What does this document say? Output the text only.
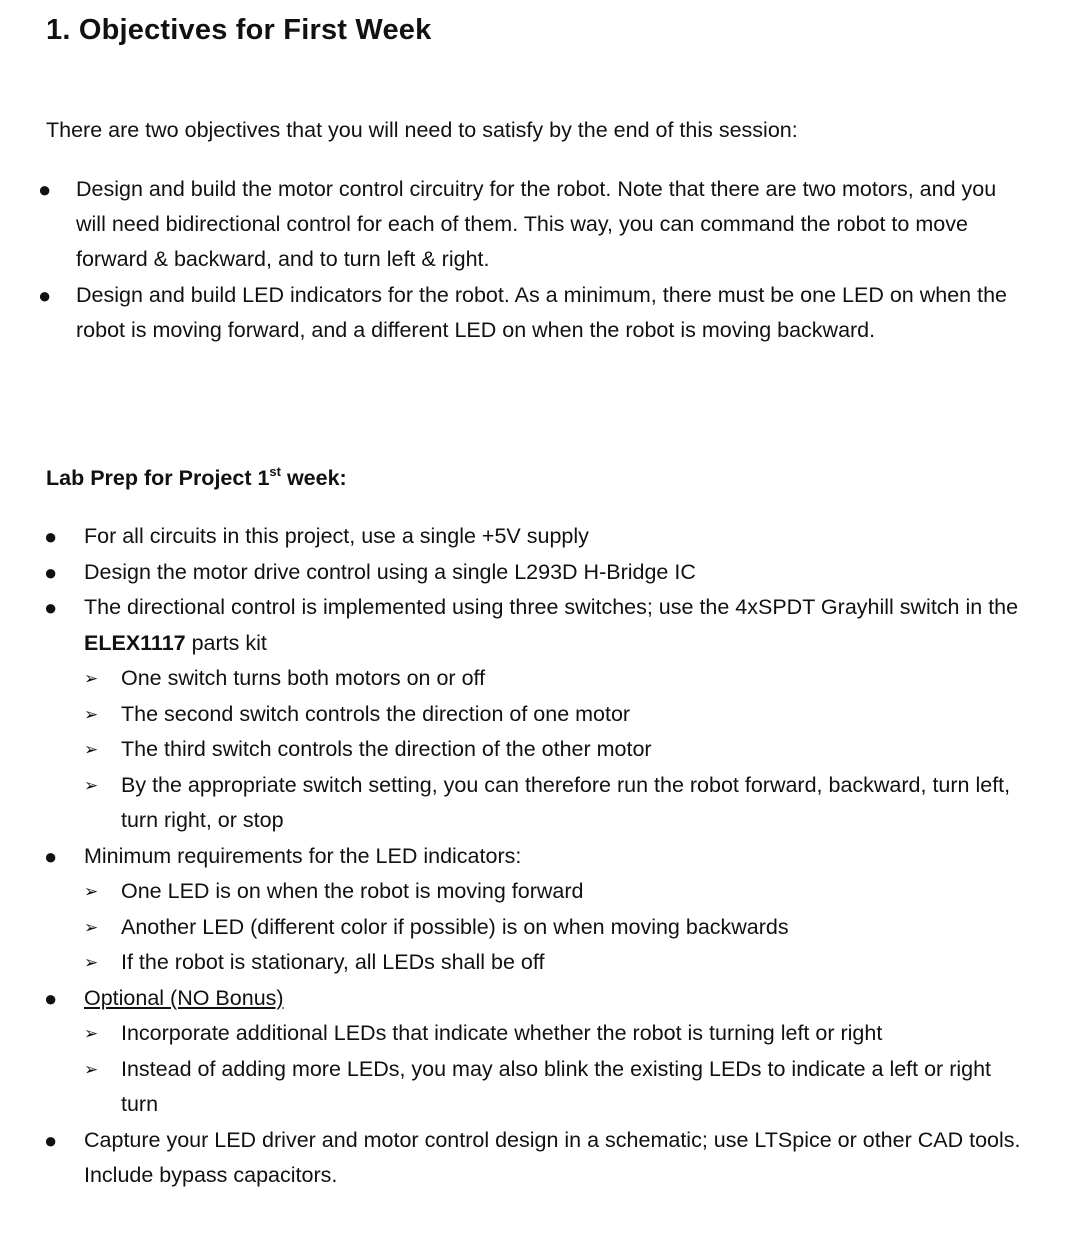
1. Objectives for First Week
There are two objectives that you will need to satisfy by the end of this session:
● Design and build the motor control circuitry for the robot. Note that there are two motors, and you will need bidirectional control for each of them. This way, you can command the robot to move forward & backward, and to turn left & right.
● Design and build LED indicators for the robot. As a minimum, there must be one LED on when the robot is moving forward, and a different LED on when the robot is moving backward.
Lab Prep for Project 1st week:
● For all circuits in this project, use a single +5V supply
● Design the motor drive control using a single L293D H-Bridge IC
● The directional control is implemented using three switches; use the 4xSPDT Grayhill switch in the ELEX1117 parts kit
➢ One switch turns both motors on or off
➢ The second switch controls the direction of one motor
➢ The third switch controls the direction of the other motor
➢ By the appropriate switch setting, you can therefore run the robot forward, backward, turn left, turn right, or stop
● Minimum requirements for the LED indicators:
➢ One LED is on when the robot is moving forward
➢ Another LED (different color if possible) is on when moving backwards
➢ If the robot is stationary, all LEDs shall be off
● Optional (NO Bonus)
➢ Incorporate additional LEDs that indicate whether the robot is turning left or right
➢ Instead of adding more LEDs, you may also blink the existing LEDs to indicate a left or right turn
● Capture your LED driver and motor control design in a schematic; use LTSpice or other CAD tools. Include bypass capacitors.
